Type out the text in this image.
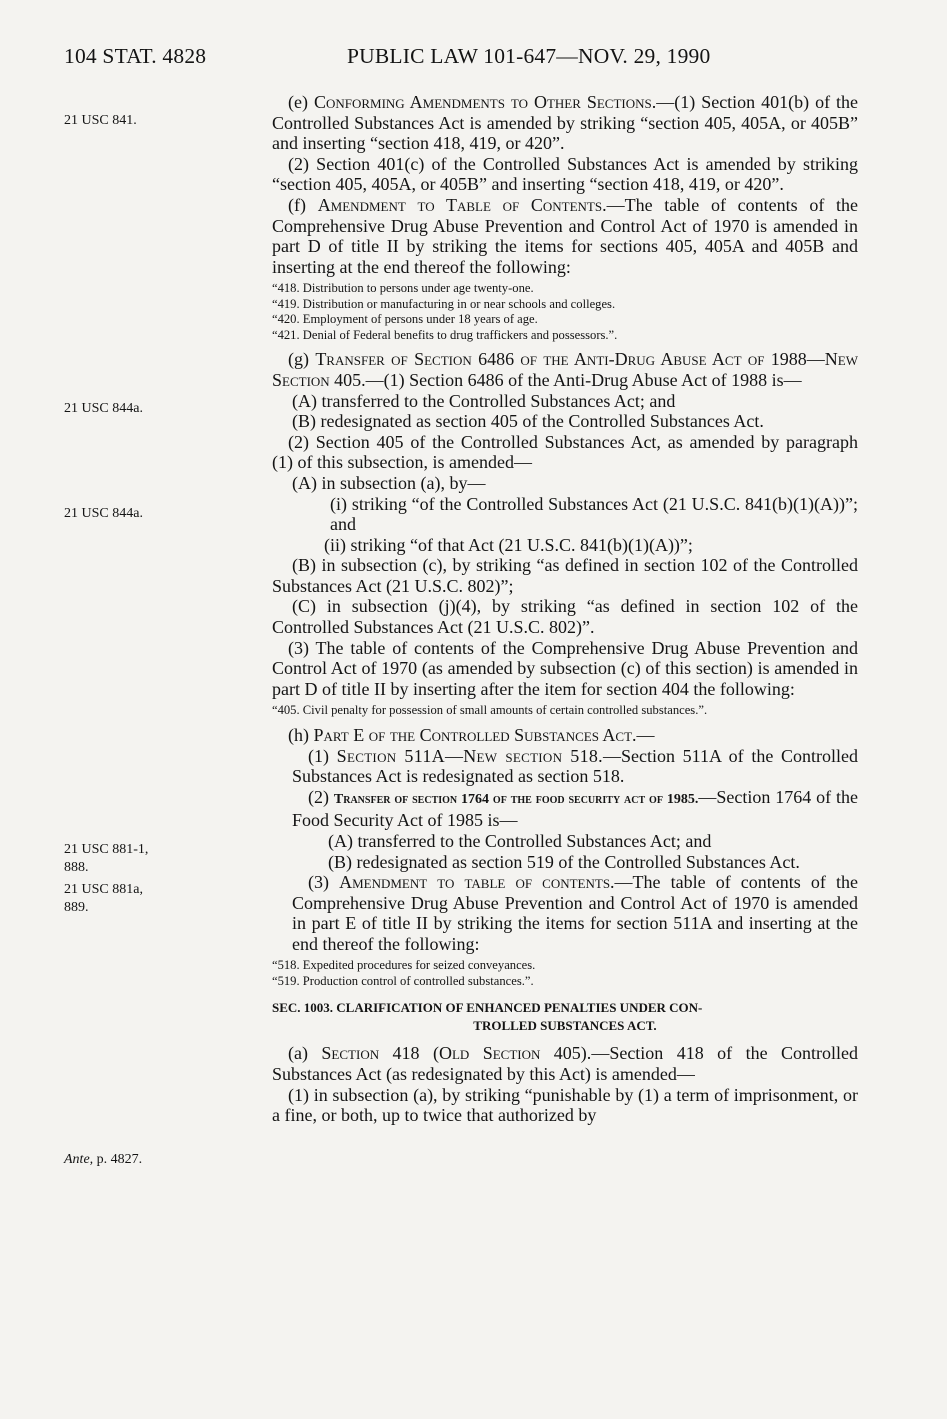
104 STAT. 4828	PUBLIC LAW 101-647—NOV. 29, 1990
21 USC 841.
21 USC 844a.
21 USC 844a.
21 USC 881-1,
888.
21 USC 881a,
889.
Ante, p. 4827.

(e) Conforming Amendments to Other Sections.—(1) Section 401(b) of the Controlled Substances Act is amended by striking “section 405, 405A, or 405B” and inserting “section 418, 419, or 420”.

(2) Section 401(c) of the Controlled Substances Act is amended by striking “section 405, 405A, or 405B” and inserting “section 418, 419, or 420”.

(f) Amendment to Table of Contents.—The table of contents of the Comprehensive Drug Abuse Prevention and Control Act of 1970 is amended in part D of title II by striking the items for sections 405, 405A and 405B and inserting at the end thereof the following:

“418. Distribution to persons under age twenty-one.

“419. Distribution or manufacturing in or near schools and colleges.

“420. Employment of persons under 18 years of age.

“421. Denial of Federal benefits to drug traffickers and possessors.”.

(g) Transfer of Section 6486 of the Anti-Drug Abuse Act of 1988—New Section 405.—(1) Section 6486 of the Anti-Drug Abuse Act of 1988 is—

(A) transferred to the Controlled Substances Act; and

(B) redesignated as section 405 of the Controlled Substances Act.

(2) Section 405 of the Controlled Substances Act, as amended by paragraph (1) of this subsection, is amended—

(A) in subsection (a), by—

(i) striking “of the Controlled Substances Act (21 U.S.C. 841(b)(1)(A))”; and

(ii) striking “of that Act (21 U.S.C. 841(b)(1)(A))”;

(B) in subsection (c), by striking “as defined in section 102 of the Controlled Substances Act (21 U.S.C. 802)”;

(C) in subsection (j)(4), by striking “as defined in section 102 of the Controlled Substances Act (21 U.S.C. 802)”.

(3) The table of contents of the Comprehensive Drug Abuse Prevention and Control Act of 1970 (as amended by subsection (c) of this section) is amended in part D of title II by inserting after the item for section 404 the following:

“405. Civil penalty for possession of small amounts of certain controlled substances.”.

(h) Part E of the Controlled Substances Act.—

(1) Section 511A—New section 518.—Section 511A of the Controlled Substances Act is redesignated as section 518.

(2) Transfer of section 1764 of the food security act of 1985.—Section 1764 of the Food Security Act of 1985 is—

(A) transferred to the Controlled Substances Act; and

(B) redesignated as section 519 of the Controlled Substances Act.

(3) Amendment to table of contents.—The table of contents of the Comprehensive Drug Abuse Prevention and Control Act of 1970 is amended in part E of title II by striking the items for section 511A and inserting at the end thereof the following:

“518. Expedited procedures for seized conveyances.

“519. Production control of controlled substances.”.

SEC. 1003. CLARIFICATION OF ENHANCED PENALTIES UNDER CON-

TROLLED SUBSTANCES ACT.

(a) Section 418 (Old Section 405).—Section 418 of the Controlled Substances Act (as redesignated by this Act) is amended—

(1) in subsection (a), by striking “punishable by (1) a term of imprisonment, or a fine, or both, up to twice that authorized by
